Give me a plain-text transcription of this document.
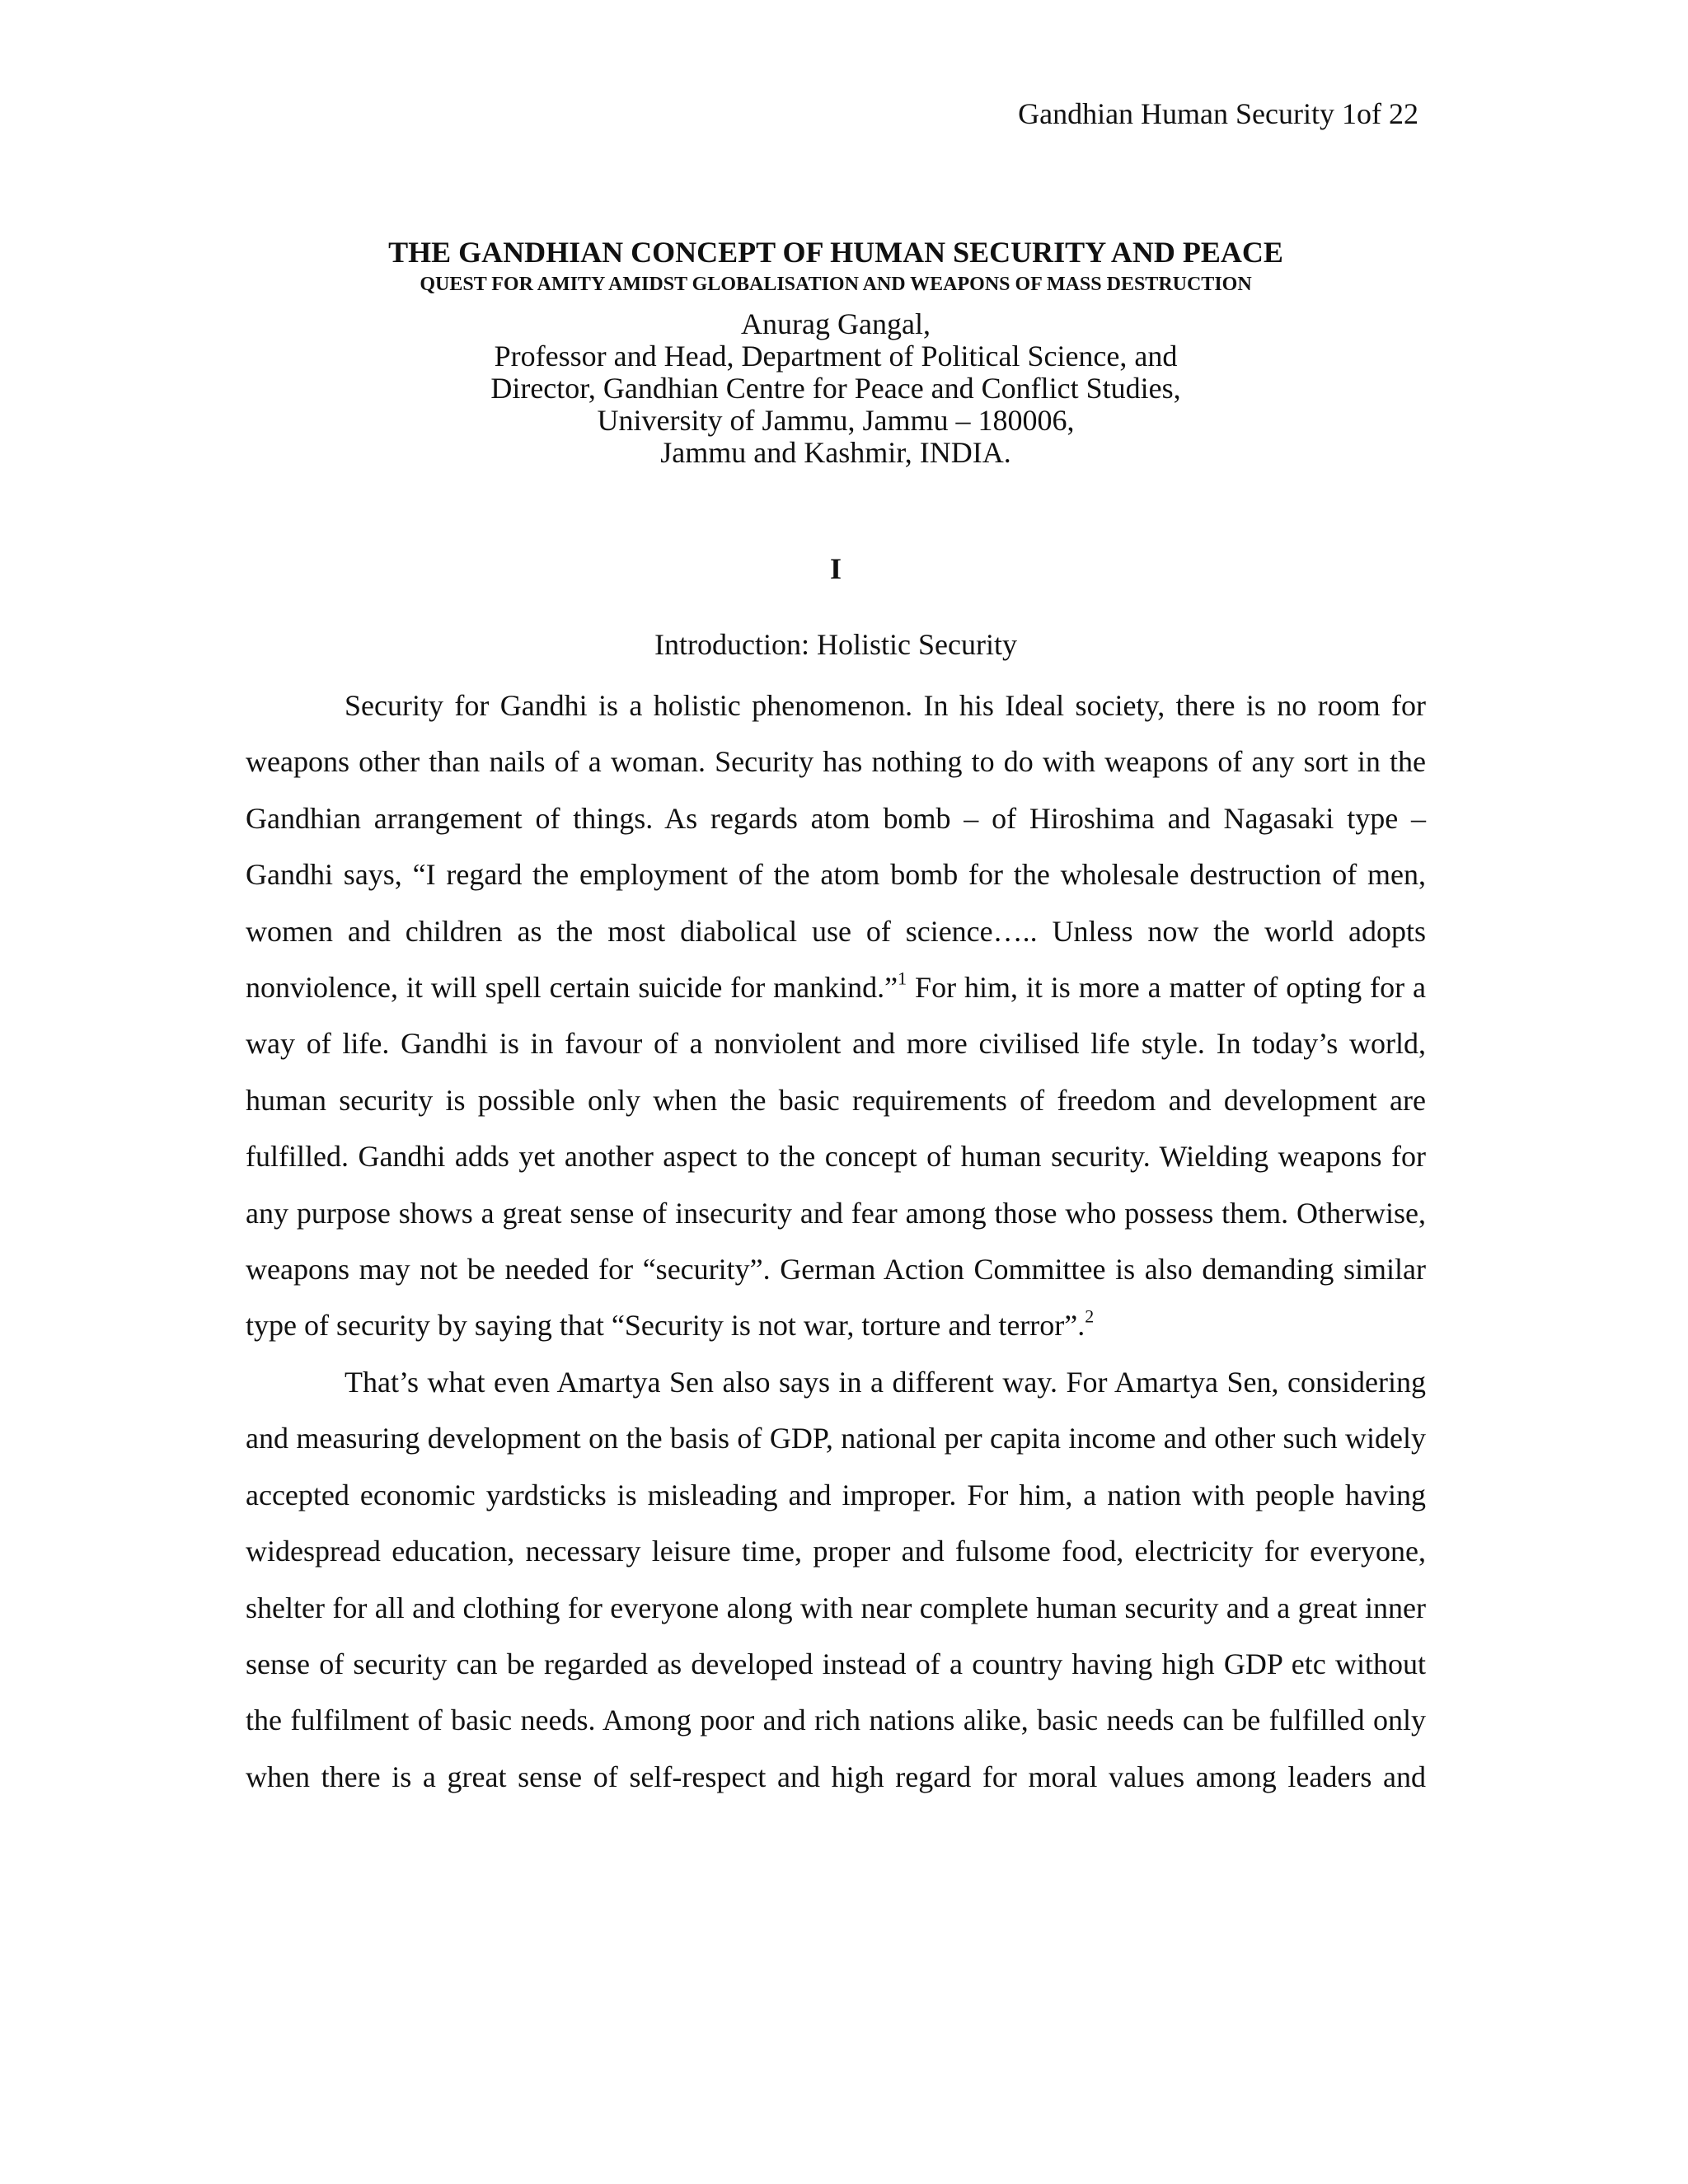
Gandhian Human Security 1of 22
THE GANDHIAN CONCEPT OF HUMAN SECURITY AND PEACE
QUEST FOR AMITY AMIDST GLOBALISATION AND WEAPONS OF MASS DESTRUCTION
Anurag Gangal,
Professor and Head, Department of Political Science, and
Director, Gandhian Centre for Peace and Conflict Studies,
University of Jammu, Jammu – 180006,
Jammu and Kashmir, INDIA.
I
Introduction: Holistic Security

Security for Gandhi is a holistic phenomenon. In his Ideal society, there is no room for weapons other than nails of a woman. Security has nothing to do with weapons of any sort in the Gandhian arrangement of things. As regards atom bomb – of Hiroshima and Nagasaki type – Gandhi says, “I regard the employment of the atom bomb for the wholesale destruction of men, women and children as the most diabolical use of science….. Unless now the world adopts nonviolence, it will spell certain suicide for mankind.”$^1$ For him, it is more a matter of opting for a way of life. Gandhi is in favour of a nonviolent and more civilised life style. In today’s world, human security is possible only when the basic requirements of freedom and development are fulfilled. Gandhi adds yet another aspect to the concept of human security. Wielding weapons for any purpose shows a great sense of insecurity and fear among those who possess them. Otherwise, weapons may not be needed for “security”. German Action Committee is also demanding similar type of security by saying that “Security is not war, torture and terror”.$^2$

That’s what even Amartya Sen also says in a different way. For Amartya Sen, considering and measuring development on the basis of GDP, national per capita income and other such widely accepted economic yardsticks is misleading and improper. For him, a nation with people having widespread education, necessary leisure time, proper and fulsome food, electricity for everyone, shelter for all and clothing for everyone along with near complete human security and a great inner sense of security can be regarded as developed instead of a country having high GDP etc without the fulfilment of basic needs. Among poor and rich nations alike, basic needs can be fulfilled only when there is a great sense of self-respect and high regard for moral values among leaders and
